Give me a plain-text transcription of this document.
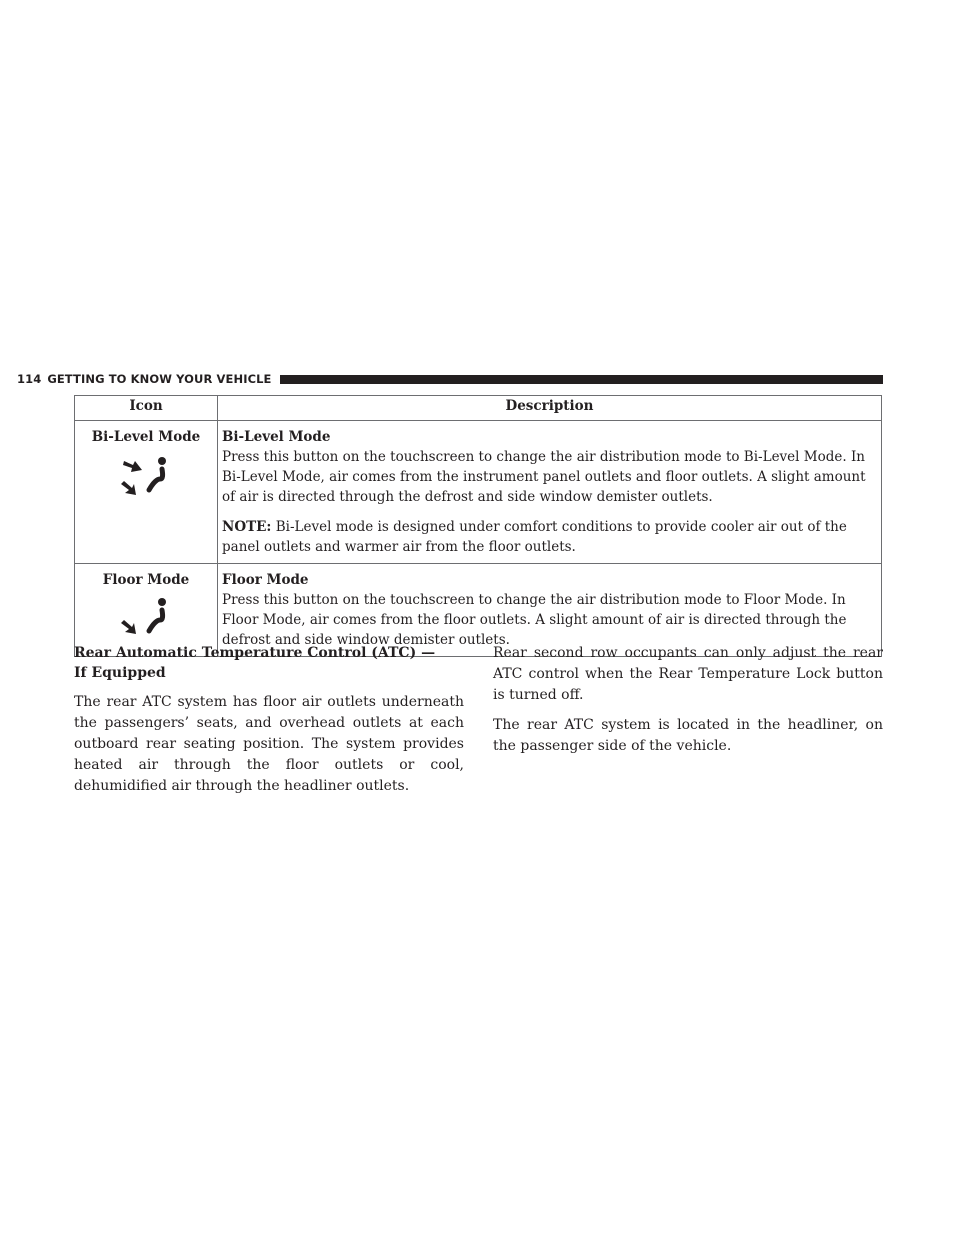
114 GETTING TO KNOW YOUR VEHICLE
Icon	Description

Bi-Level Mode	Bi-Level Mode

Press this button on the touchscreen to change the air distribution mode to Bi-Level Mode. In Bi-Level Mode, air comes from the instrument panel outlets and floor outlets. A slight amount of air is directed through the defrost and side window demister outlets.

NOTE: Bi-Level mode is designed under comfort conditions to provide cooler air out of the panel outlets and warmer air from the floor outlets.

Floor Mode	Floor Mode

Press this button on the touchscreen to change the air distribution mode to Floor Mode. In Floor Mode, air comes from the floor outlets. A slight amount of air is directed through the defrost and side window demister outlets.

Rear Automatic Temperature Control (ATC) —
If Equipped

The rear ATC system has floor air outlets underneath the passengers’ seats, and overhead outlets at each outboard rear seating position. The system provides heated air through the floor outlets or cool, dehumidified air through the headliner outlets.

Rear second row occupants can only adjust the rear ATC control when the Rear Temperature Lock button is turned off.

The rear ATC system is located in the headliner, on the passenger side of the vehicle.
